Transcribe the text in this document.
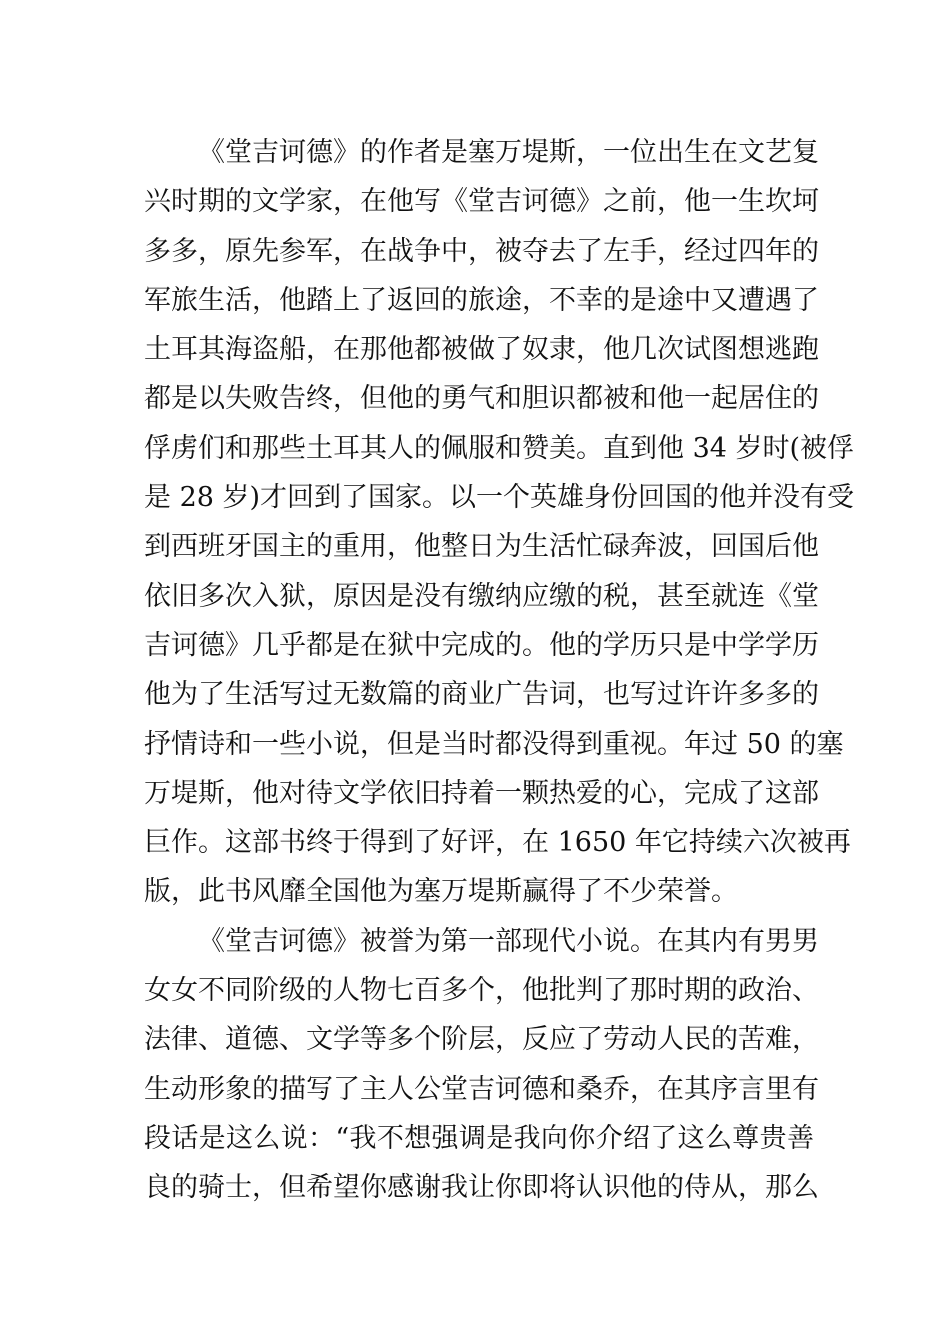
《堂吉诃德》的作者是塞万堤斯，一位出生在文艺复
兴时期的文学家，在他写《堂吉诃德》之前，他一生坎坷
多多，原先参军，在战争中，被夺去了左手，经过四年的
军旅生活，他踏上了返回的旅途，不幸的是途中又遭遇了
土耳其海盗船，在那他都被做了奴隶，他几次试图想逃跑
都是以失败告终，但他的勇气和胆识都被和他一起居住的
俘虏们和那些土耳其人的佩服和赞美。直到他 34 岁时(被俘
是 28 岁)才回到了国家。以一个英雄身份回国的他并没有受
到西班牙国主的重用，他整日为生活忙碌奔波，回国后他
依旧多次入狱，原因是没有缴纳应缴的税，甚至就连《堂
吉诃德》几乎都是在狱中完成的。他的学历只是中学学历
他为了生活写过无数篇的商业广告词，也写过许许多多的
抒情诗和一些小说，但是当时都没得到重视。年过 50 的塞
万堤斯，他对待文学依旧持着一颗热爱的心，完成了这部
巨作。这部书终于得到了好评，在 1650 年它持续六次被再
版，此书风靡全国他为塞万堤斯赢得了不少荣誉。
《堂吉诃德》被誉为第一部现代小说。在其内有男男
女女不同阶级的人物七百多个，他批判了那时期的政治、
法律、道德、文学等多个阶层，反应了劳动人民的苦难，
生动形象的描写了主人公堂吉诃德和桑乔，在其序言里有
段话是这么说：“我不想强调是我向你介绍了这么尊贵善
良的骑士，但希望你感谢我让你即将认识他的侍从，那么
